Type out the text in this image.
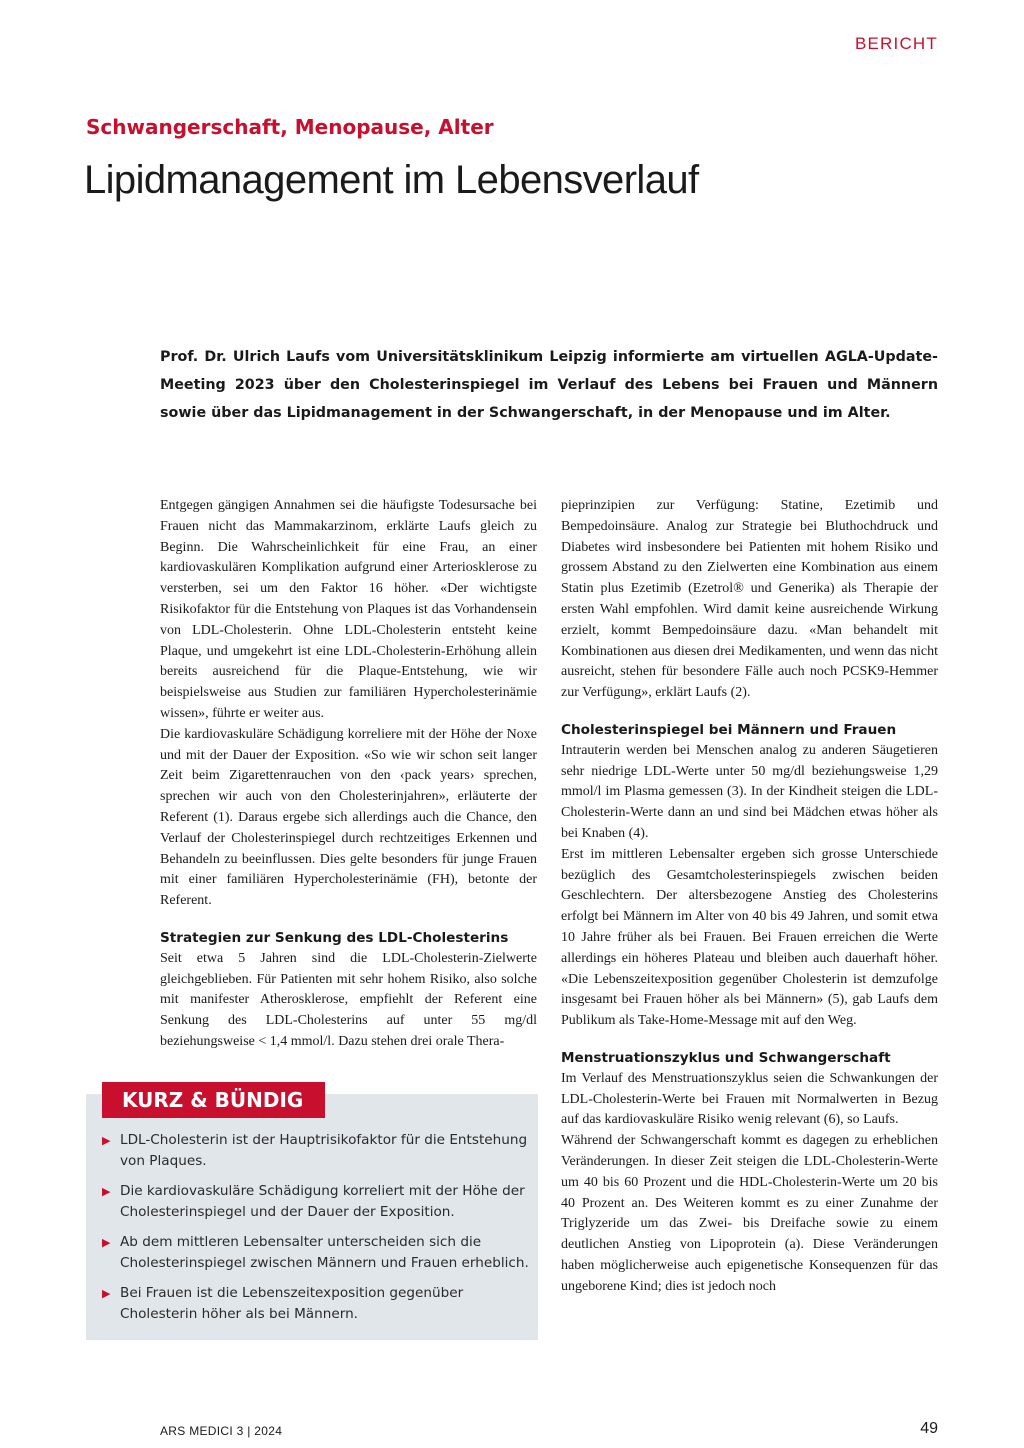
BERICHT
Schwangerschaft, Menopause, Alter
Lipidmanagement im Lebensverlauf

Prof. Dr. Ulrich Laufs vom Universitätsklinikum Leipzig informierte am virtuellen AGLA-Update-Meeting 2023 über den Cholesterinspiegel im Verlauf des Lebens bei Frauen und Männern sowie über das Lipidmanagement in der Schwangerschaft, in der Menopause und im Alter.

Entgegen gängigen Annahmen sei die häufigste Todesursache bei Frauen nicht das Mammakarzinom, erklärte Laufs gleich zu Beginn. Die Wahrscheinlichkeit für eine Frau, an einer kardiovaskulären Komplikation aufgrund einer Arteriosklerose zu versterben, sei um den Faktor 16 höher. «Der wichtigste Risikofaktor für die Entstehung von Plaques ist das Vorhandensein von LDL-Cholesterin. Ohne LDL-Cholesterin entsteht keine Plaque, und umgekehrt ist eine LDL-Cholesterin-Erhöhung allein bereits ausreichend für die Plaque-Entstehung, wie wir beispielsweise aus Studien zur familiären Hypercholesterinämie wissen», führte er weiter aus.

Die kardiovaskuläre Schädigung korreliere mit der Höhe der Noxe und mit der Dauer der Exposition. «So wie wir schon seit langer Zeit beim Zigarettenrauchen von den ‹pack years› sprechen, sprechen wir auch von den Cholesterinjahren», erläuterte der Referent (1). Daraus ergebe sich allerdings auch die Chance, den Verlauf der Cholesterinspiegel durch rechtzeitiges Erkennen und Behandeln zu beeinflussen. Dies gelte besonders für junge Frauen mit einer familiären Hypercholesterinämie (FH), betonte der Referent.

Strategien zur Senkung des LDL-Cholesterins

Seit etwa 5 Jahren sind die LDL-Cholesterin-Zielwerte gleichgeblieben. Für Patienten mit sehr hohem Risiko, also solche mit manifester Atherosklerose, empfiehlt der Referent eine Senkung des LDL-Cholesterins auf unter 55 mg/dl beziehungsweise < 1,4 mmol/l. Dazu stehen drei orale Thera-

pieprinzipien zur Verfügung: Statine, Ezetimib und Bempedoinsäure. Analog zur Strategie bei Bluthochdruck und Diabetes wird insbesondere bei Patienten mit hohem Risiko und grossem Abstand zu den Zielwerten eine Kombination aus einem Statin plus Ezetimib (Ezetrol® und Generika) als Therapie der ersten Wahl empfohlen. Wird damit keine ausreichende Wirkung erzielt, kommt Bempedoinsäure dazu. «Man behandelt mit Kombinationen aus diesen drei Medikamenten, und wenn das nicht ausreicht, stehen für besondere Fälle auch noch PCSK9-Hemmer zur Verfügung», erklärt Laufs (2).

Cholesterinspiegel bei Männern und Frauen

Intrauterin werden bei Menschen analog zu anderen Säugetieren sehr niedrige LDL-Werte unter 50 mg/dl beziehungsweise 1,29 mmol/l im Plasma gemessen (3). In der Kindheit steigen die LDL-Cholesterin-Werte dann an und sind bei Mädchen etwas höher als bei Knaben (4).

Erst im mittleren Lebensalter ergeben sich grosse Unterschiede bezüglich des Gesamtcholesterinspiegels zwischen beiden Geschlechtern. Der altersbezogene Anstieg des Cholesterins erfolgt bei Männern im Alter von 40 bis 49 Jahren, und somit etwa 10 Jahre früher als bei Frauen. Bei Frauen erreichen die Werte allerdings ein höheres Plateau und bleiben auch dauerhaft höher. «Die Lebenszeitexposition gegenüber Cholesterin ist demzufolge insgesamt bei Frauen höher als bei Männern» (5), gab Laufs dem Publikum als Take-Home-Message mit auf den Weg.

Menstruationszyklus und Schwangerschaft

Im Verlauf des Menstruationszyklus seien die Schwankungen der LDL-Cholesterin-Werte bei Frauen mit Normalwerten in Bezug auf das kardiovaskuläre Risiko wenig relevant (6), so Laufs.

Während der Schwangerschaft kommt es dagegen zu erheblichen Veränderungen. In dieser Zeit steigen die LDL-Cholesterin-Werte um 40 bis 60 Prozent und die HDL-Cholesterin-Werte um 20 bis 40 Prozent an. Des Weiteren kommt es zu einer Zunahme der Triglyzeride um das Zwei- bis Dreifache sowie zu einem deutlichen Anstieg von Lipoprotein (a). Diese Veränderungen haben möglicherweise auch epigenetische Konsequenzen für das ungeborene Kind; dies ist jedoch noch

KURZ & BÜNDIG
▶ LDL-Cholesterin ist der Hauptrisikofaktor für die Entstehung von Plaques.
▶ Die kardiovaskuläre Schädigung korreliert mit der Höhe der Cholesterinspiegel und der Dauer der Exposition.
▶ Ab dem mittleren Lebensalter unterscheiden sich die Cholesterinspiegel zwischen Männern und Frauen erheblich.
▶ Bei Frauen ist die Lebenszeitexposition gegenüber Cholesterin höher als bei Männern.
ARS MEDICI 3 | 2024	49
